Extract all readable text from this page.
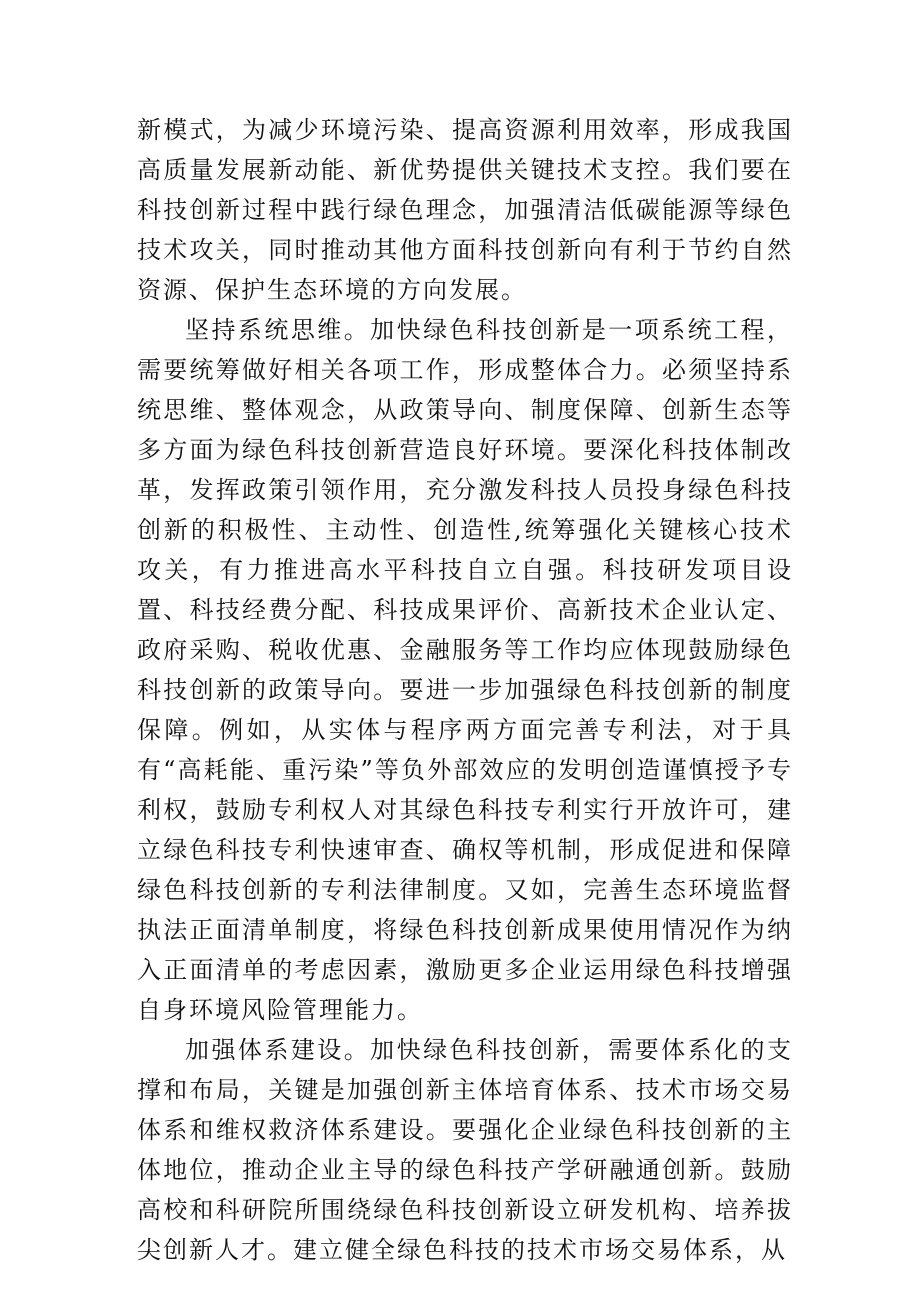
新模式，为减少环境污染、提高资源利用效率，形成我国高质量发展新动能、新优势提供关键技术支控。我们要在科技创新过程中践行绿色理念，加强清洁低碳能源等绿色技术攻关，同时推动其他方面科技创新向有利于节约自然资源、保护生态环境的方向发展。

坚持系统思维。加快绿色科技创新是一项系统工程，需要统筹做好相关各项工作，形成整体合力。必须坚持系统思维、整体观念，从政策导向、制度保障、创新生态等多方面为绿色科技创新营造良好环境。要深化科技体制改革，发挥政策引领作用，充分激发科技人员投身绿色科技创新的积极性、主动性、创造性,统筹强化关键核心技术攻关，有力推进高水平科技自立自强。科技研发项目设置、科技经费分配、科技成果评价、高新技术企业认定、政府采购、税收优惠、金融服务等工作均应体现鼓励绿色科技创新的政策导向。要进一步加强绿色科技创新的制度保障。例如，从实体与程序两方面完善专利法，对于具有“高耗能、重污染”等负外部效应的发明创造谨慎授予专利权，鼓励专利权人对其绿色科技专利实行开放许可，建立绿色科技专利快速审查、确权等机制，形成促进和保障绿色科技创新的专利法律制度。又如，完善生态环境监督执法正面清单制度，将绿色科技创新成果使用情况作为纳入正面清单的考虑因素，激励更多企业运用绿色科技增强自身环境风险管理能力。

加强体系建设。加快绿色科技创新，需要体系化的支撑和布局，关键是加强创新主体培育体系、技术市场交易体系和维权救济体系建设。要强化企业绿色科技创新的主体地位，推动企业主导的绿色科技产学研融通创新。鼓励高校和科研院所围绕绿色科技创新设立研发机构、培养拔尖创新人才。建立健全绿色科技的技术市场交易体系，从
